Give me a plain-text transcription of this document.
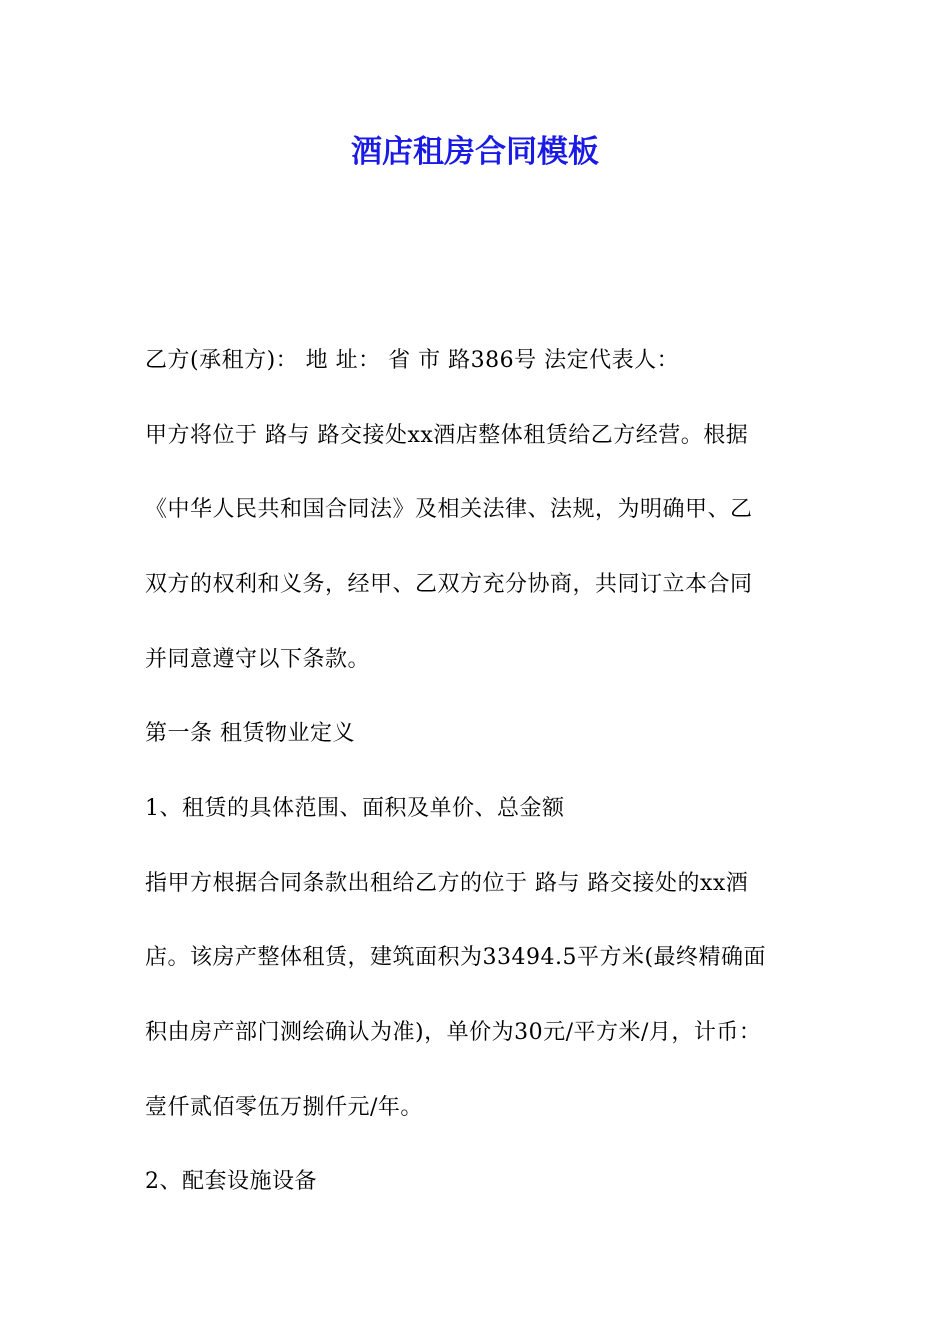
酒店租房合同模板

乙方(承租方)： 地 址： 省 市 路386号 法定代表人：

甲方将位于 路与 路交接处xx酒店整体租赁给乙方经营。根据

《中华人民共和国合同法》及相关法律、法规，为明确甲、乙

双方的权利和义务，经甲、乙双方充分协商，共同订立本合同

并同意遵守以下条款。

第一条 租赁物业定义

1、租赁的具体范围、面积及单价、总金额

指甲方根据合同条款出租给乙方的位于 路与 路交接处的xx酒

店。该房产整体租赁，建筑面积为33494.5平方米(最终精确面

积由房产部门测绘确认为准)，单价为30元/平方米/月，计币：

壹仟贰佰零伍万捌仟元/年。

2、配套设施设备
